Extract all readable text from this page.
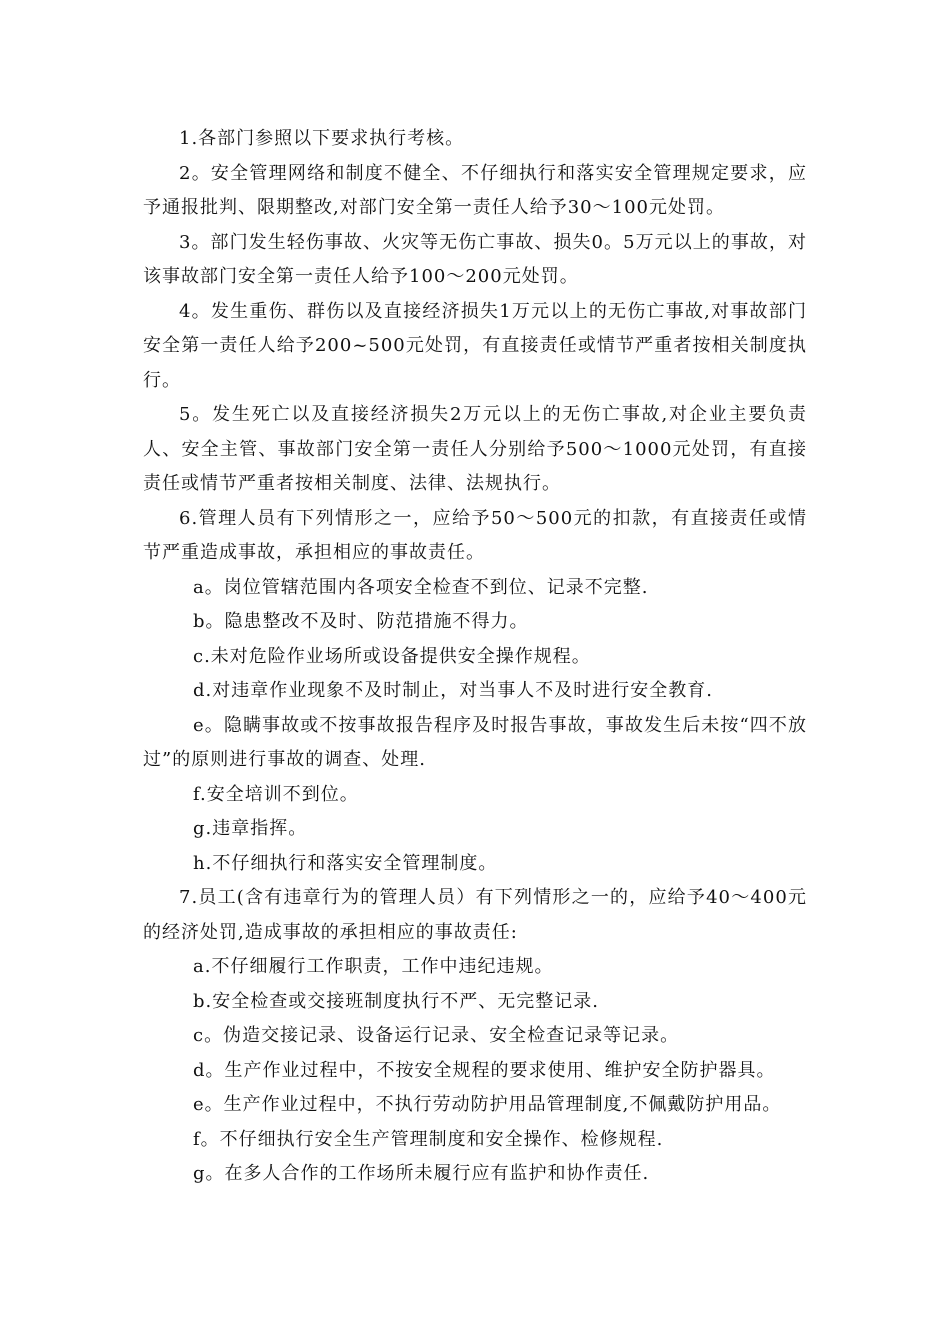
1.各部门参照以下要求执行考核。

2。安全管理网络和制度不健全、不仔细执行和落实安全管理规定要求，应予通报批判、限期整改,对部门安全第一责任人给予30～100元处罚。

3。部门发生轻伤事故、火灾等无伤亡事故、损失0。5万元以上的事故，对该事故部门安全第一责任人给予100～200元处罚。

4。发生重伤、群伤以及直接经济损失1万元以上的无伤亡事故,对事故部门安全第一责任人给予200~500元处罚，有直接责任或情节严重者按相关制度执行。

5。发生死亡以及直接经济损失2万元以上的无伤亡事故,对企业主要负责人、安全主管、事故部门安全第一责任人分别给予500～1000元处罚，有直接责任或情节严重者按相关制度、法律、法规执行。

6.管理人员有下列情形之一，应给予50～500元的扣款，有直接责任或情节严重造成事故，承担相应的事故责任。

a。岗位管辖范围内各项安全检查不到位、记录不完整.

b。隐患整改不及时、防范措施不得力。

c.未对危险作业场所或设备提供安全操作规程。

d.对违章作业现象不及时制止，对当事人不及时进行安全教育.

e。隐瞒事故或不按事故报告程序及时报告事故，事故发生后未按“四不放过”的原则进行事故的调查、处理.

f.安全培训不到位。

g.违章指挥。

h.不仔细执行和落实安全管理制度。

7.员工(含有违章行为的管理人员）有下列情形之一的，应给予40～400元的经济处罚,造成事故的承担相应的事故责任:

a.不仔细履行工作职责，工作中违纪违规。

b.安全检查或交接班制度执行不严、无完整记录.

c。伪造交接记录、设备运行记录、安全检查记录等记录。

d。生产作业过程中，不按安全规程的要求使用、维护安全防护器具。

e。生产作业过程中，不执行劳动防护用品管理制度,不佩戴防护用品。

f。不仔细执行安全生产管理制度和安全操作、检修规程.

g。在多人合作的工作场所未履行应有监护和协作责任.
